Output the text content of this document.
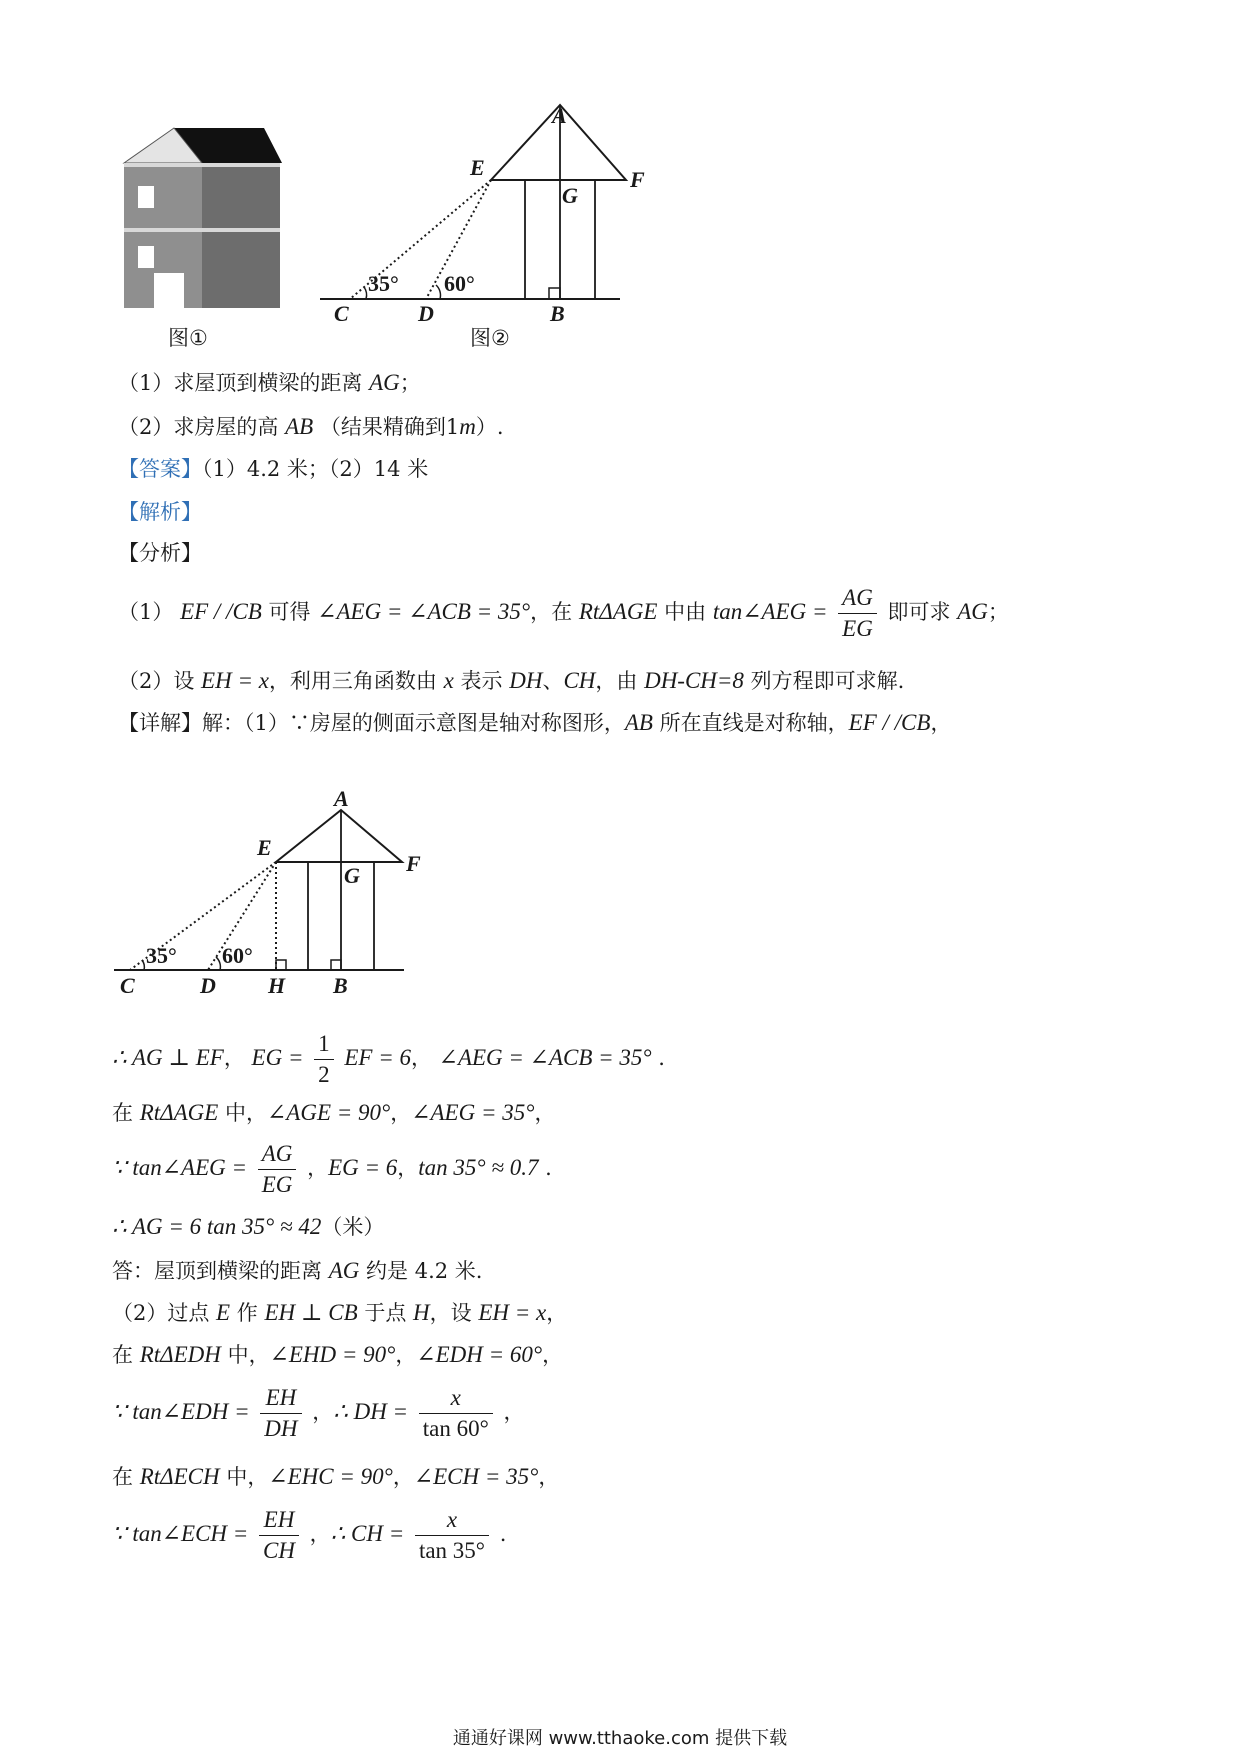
图①
A
E	F
G
C	D	B
35° 60°
图②
（1）求屋顶到横梁的距离 AG；
（2）求房屋的高 AB （结果精确到1m）.
【答案】（1）4.2 米；（2）14 米
【解析】
【分析】
（1） EF / /CB 可得 ∠AEG = ∠ACB = 35°，在 RtΔAGE 中由 tan∠AEG = $\frac{AG}{EG}$ 即可求 AG；
（2）设 EH = x，利用三角函数由 x 表示 DH、CH，由 DH-CH=8 列方程即可求解.
【详解】解：（1）∵房屋的侧面示意图是轴对称图形，AB 所在直线是对称轴，EF / /CB，
A
E
F
G
C	D H B
35° 60°
∴ AG ⊥ EF， EG = $\frac{1}{2}$ EF = 6， ∠AEG = ∠ACB = 35° .
在 RtΔAGE 中，∠AGE = 90°，∠AEG = 35°，
∵ tan∠AEG = $\frac{AG}{EG}$ ，EG = 6，tan 35° ≈ 0.7 .
∴ AG = 6 tan 35° ≈ 42（米）
答：屋顶到横梁的距离 AG 约是 4.2 米.
（2）过点 E 作 EH ⊥ CB 于点 H，设 EH = x，
在 RtΔEDH 中，∠EHD = 90°，∠EDH = 60°，
∵ tan∠EDH = $\frac{EH}{DH}$ ，∴ DH = $\frac{x}{\tan 60^\circ}$ ，
在 RtΔECH 中，∠EHC = 90°，∠ECH = 35°，
∵ tan∠ECH = $\frac{EH}{CH}$ ，∴ CH = $\frac{x}{\tan 35^\circ}$ .
通通好课网 www.tthaoke.com 提供下载
